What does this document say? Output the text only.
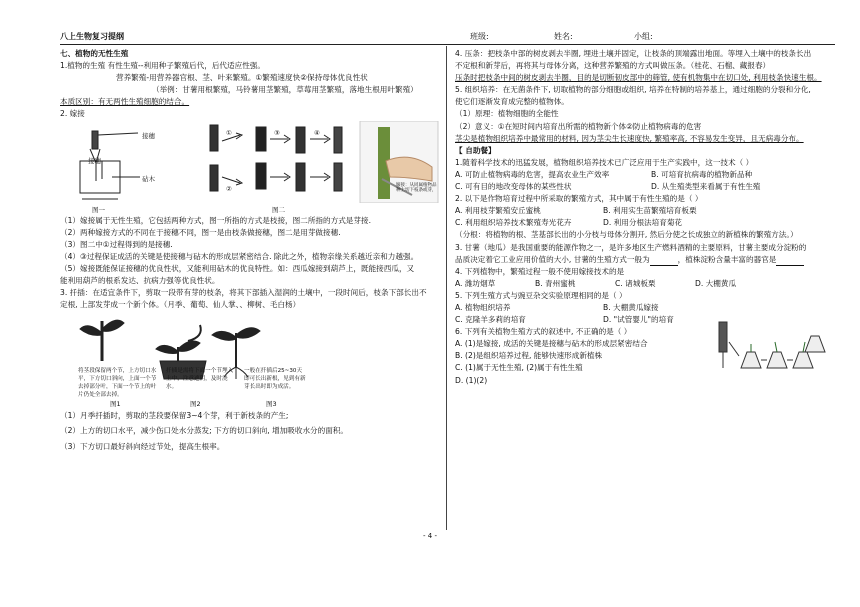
八上生物复习提纲	班级:	姓名:	小组:
七、植物的无性生殖
1.植物的生殖 有性生殖--利用种子繁殖后代，后代适应性强。
营养繁殖-用营养器官根、茎、叶来繁殖。①繁殖速度快②保持母体优良性状
（举例：甘薯用根繁殖，马铃薯用茎繁殖，草莓用茎繁殖，落地生根用叶繁殖）
本质区别：有无两性生殖细胞的结合。
2. 嫁接
接穗
接穗
砧木
①
②
③	④
嫁接：从同属植物品种上切下枝条或芽，
图一	图二
（1）嫁接属于无性生殖，它包括两种方式，图一所指的方式是枝接，图二所指的方式是芽接.
（2）两种嫁接方式的不同在于接穗不同，图一是由枝条做接穗，图二是用芽做接穗.
（3）图二中①过程得到的是接穗.
（4）③过程保证成活的关键是使接穗与砧木的形成层紧密结合. 除此之外，植物亲缘关系越近亲和力越强。
（5）嫁接既能保证接穗的优良性状，又能利用砧木的优良特性。如：西瓜嫁接到葫芦上，既能接西瓜，又
能利用葫芦的根系发达、抗病力强等优良性状。
3. 扦插：在适宜条件下，剪取一段带有芽的枝条，将其下部插入湿润的土壤中，一段时间后，枝条下部长出不
定根, 上部发芽成一个新个体。（月季、葡萄、仙人掌、、柳树、毛白杨）
将茎段保留两个节，上方切口水平，下方切口斜向，上面一个节去掉部分叶，下面一个节上的叶片仍处全部去掉。
扦插是需将下面一个节埋入土中，注意遮阴，及时浇水。
一般在扦插后25~30天即可长出新根，见到有新芽长出时即为成活。
图1	图2	图3
（1）月季扦插时，剪取的茎段要保留3~4个芽，利于新枝条的产生;
（2）上方的切口水平，减少伤口处水分蒸发; 下方的切口斜向, 增加吸收水分的面积。
（3）下方切口最好斜向经过节处，提高生根率。
4. 压条：把枝条中部的树皮剥去半圈, 埋进土壤并固定，让枝条的顶端露出地面。等埋入土壤中的枝条长出
不定根和新芽后，再将其与母体分离，这种营养繁殖的方式叫做压条。（桂花、石榴、藏报春）
压条时把枝条中间的树皮剥去半圈，目的是切断韧皮部中的筛管, 使有机物集中在切口处, 利用枝条快速生根。
5. 组织培养：在无菌条件下, 切取植物的部分细胞或组织, 培养在特制的培养基上，通过细胞的分裂和分化,
使它们逐渐发育成完整的植物体。
（1）原理：植物细胞的全能性
（2）意义：①在短时间内培育出所需的植物新个体②防止植物病毒的危害
茎尖是植物组织培养中最常用的材料, 因为茎尖生长速度快, 繁殖率高, 不容易发生变异，且无病毒分布。
【 自助餐】
1.随着科学技术的迅猛发展，植物组织培养技术已广泛应用于生产实践中，这一技术（ ）
A. 可防止植物病毒的危害，提高农业生产效率	B. 可培育抗病毒的植物新品种
C. 可有目的地改变母体的某些性状	D. 从生殖类型来看属于有性生殖
2. 以下是作物培育过程中所采取的繁殖方式，其中属于有性生殖的是（ ）
A. 利用枝芽繁殖安丘蜜桃	B. 利用实生苗繁殖培育板栗
C. 利用组织培养技术繁殖寿光花卉	D. 利用分根法培育菊花
（分根：将植物的根、茎基部长出的小分枝与母体分割开, 然后分使之长成独立的新植株的繁殖方法。）
3. 甘薯（地瓜）是我国重要的能源作物之一，是许多地区生产燃料酒精的主要原料，甘薯主要成分淀粉的
品质决定着它工业应用价值的大小, 甘薯的生殖方式一般为	，植株淀粉含量丰富的器官是
4. 下列植物中，繁殖过程一般不使用嫁接技术的是
A. 潍坊烟草	B. 青州蜜桃	C. 诸城板栗	D. 大棚黄瓜
5. 下列生殖方式与豌豆杂交实验原理相同的是（ ）
A. 植物组织培养	B. 大棚黄瓜嫁接
C. 克隆羊多莉的培育	D. "试管婴儿"的培育
6. 下列有关植物生殖方式的叙述中, 不正确的是（ ）
A. (1)是嫁接, 成活的关键是接穗与砧木的形成层紧密结合
B. (2)是组织培养过程, 能够快速形成新植株
C. (1)属于无性生殖, (2)属于有性生殖
D. (1)(2)
- 4 -
